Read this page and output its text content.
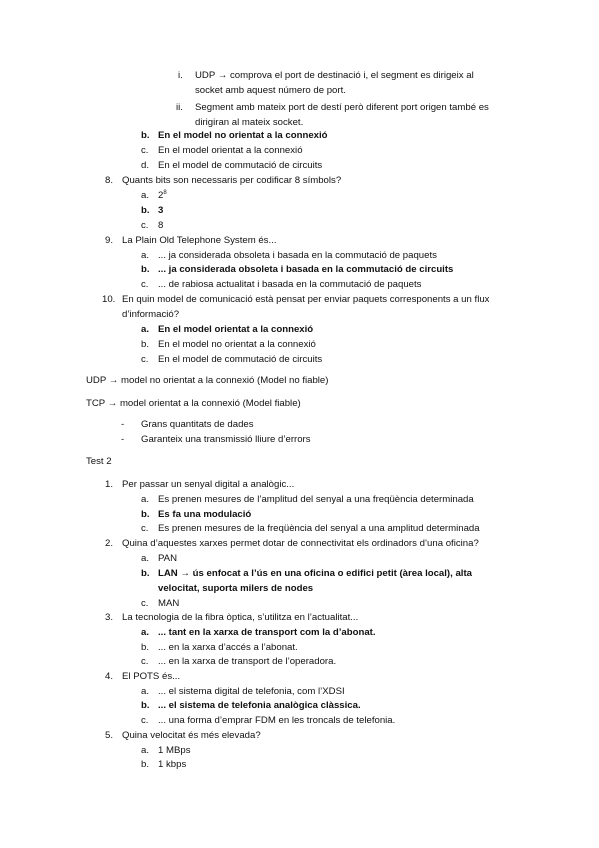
i. UDP → comprova el port de destinació i, el segment es dirigeix al
socket amb aquest número de port.
ii. Segment amb mateix port de destí però diferent port origen també es
dirigiran al mateix socket.
b. En el model no orientat a la connexió
c. En el model orientat a la connexió
d. En el model de commutació de circuits
8. Quants bits son necessaris per codificar 8 símbols?
a. $2^8$
b. 3
c. 8
9. La Plain Old Telephone System és...
a. ... ja considerada obsoleta i basada en la commutació de paquets
b. ... ja considerada obsoleta i basada en la commutació de circuits
c. ... de rabiosa actualitat i basada en la commutació de paquets
10. En quin model de comunicació està pensat per enviar paquets corresponents a un flux
d’informació?
a. En el model orientat a la connexió
b. En el model no orientat a la connexió
c. En el model de commutació de circuits
UDP → model no orientat a la connexió (Model no fiable)
TCP → model orientat a la connexió (Model fiable)
- Grans quantitats de dades
- Garanteix una transmissió lliure d’errors
Test 2
1. Per passar un senyal digital a analògic...
a. Es prenen mesures de l’amplitud del senyal a una freqüència determinada
b. Es fa una modulació
c. Es prenen mesures de la freqüència del senyal a una amplitud determinada
2. Quina d’aquestes xarxes permet dotar de connectivitat els ordinadors d’una oficina?
a. PAN
b. LAN → ús enfocat a l’ús en una oficina o edifici petit (àrea local), alta
velocitat, suporta milers de nodes
c. MAN
3. La tecnologia de la fibra òptica, s’utilitza en l’actualitat...
a. ... tant en la xarxa de transport com la d’abonat.
b. ... en la xarxa d’accés a l’abonat.
c. ... en la xarxa de transport de l’operadora.
4. El POTS és...
a. ... el sistema digital de telefonia, com l’XDSI
b. ... el sistema de telefonia analògica clàssica.
c. ... una forma d’emprar FDM en les troncals de telefonia.
5. Quina velocitat és més elevada?
a. 1 MBps
b. 1 kbps
